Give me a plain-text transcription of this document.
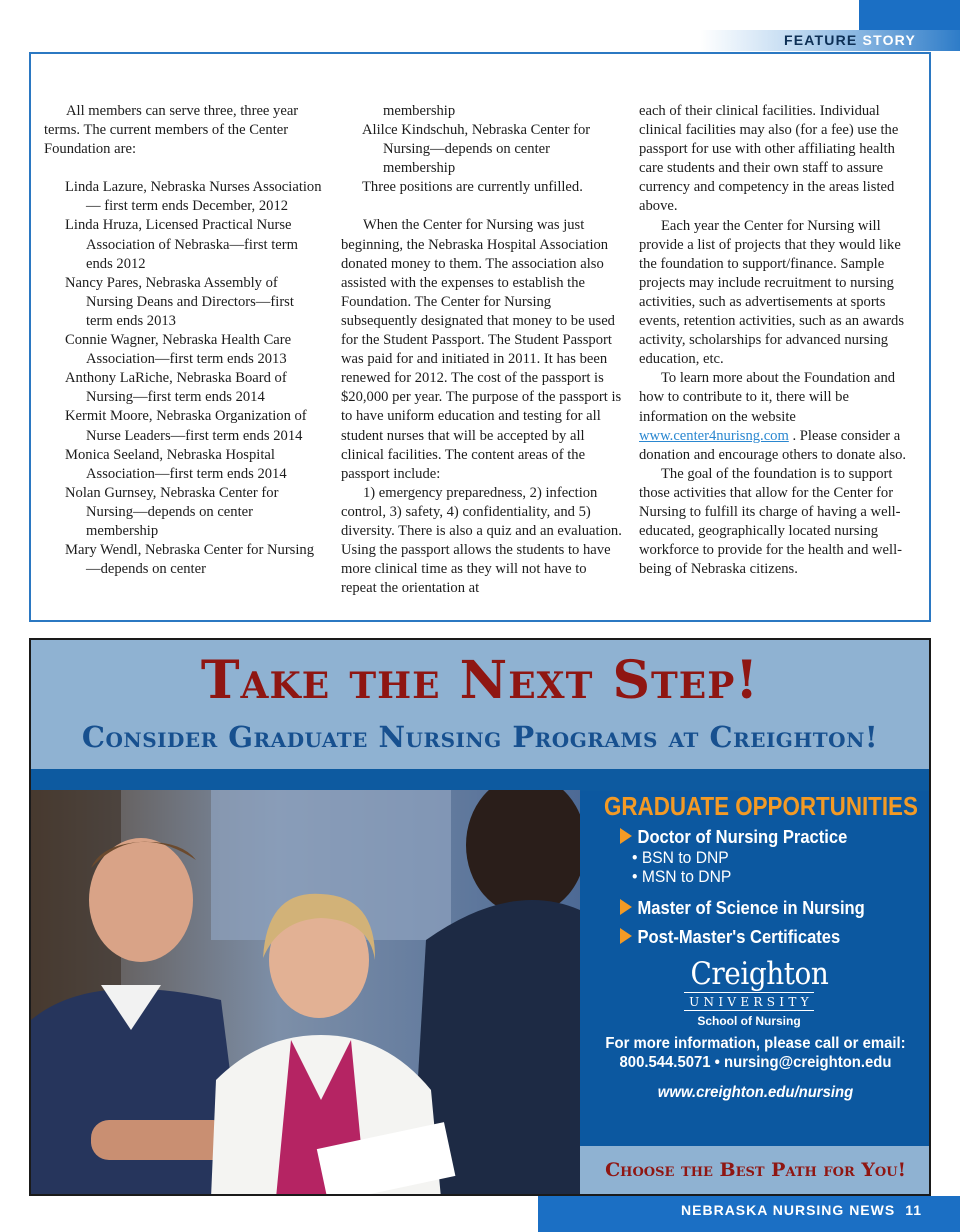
FEATURE STORY

All members can serve three, three year terms. The current members of the Center Foundation are:

Linda Lazure, Nebraska Nurses Association— first term ends December, 2012

Linda Hruza, Licensed Practical Nurse Association of Nebraska—first term ends 2012

Nancy Pares, Nebraska Assembly of Nursing Deans and Directors—first term ends 2013

Connie Wagner, Nebraska Health Care Association—first term ends 2013

Anthony LaRiche, Nebraska Board of Nursing—first term ends 2014

Kermit Moore, Nebraska Organization of Nurse Leaders—first term ends 2014

Monica Seeland, Nebraska Hospital Association—first term ends 2014

Nolan Gurnsey, Nebraska Center for Nursing—depends on center membership

Mary Wendl, Nebraska Center for Nursing—depends on center

membership

Alilce Kindschuh, Nebraska Center for Nursing—depends on center membership

Three positions are currently unfilled.

When the Center for Nursing was just beginning, the Nebraska Hospital Association donated money to them. The association also assisted with the expenses to establish the Foundation. The Center for Nursing subsequently designated that money to be used for the Student Passport. The Student Passport was paid for and initiated in 2011. It has been renewed for 2012. The cost of the passport is $20,000 per year. The purpose of the passport is to have uniform education and testing for all student nurses that will be accepted by all clinical facilities. The content areas of the passport include:

1) emergency preparedness, 2) infection control, 3) safety, 4) confidentiality, and 5) diversity. There is also a quiz and an evaluation. Using the passport allows the students to have more clinical time as they will not have to repeat the orientation at

each of their clinical facilities. Individual clinical facilities may also (for a fee) use the passport for use with other affiliating health care students and their own staff to assure currency and competency in the areas listed above.

Each year the Center for Nursing will provide a list of projects that they would like the foundation to support/finance. Sample projects may include recruitment to nursing activities, such as advertisements at sports events, retention activities, such as an awards activity, scholarships for advanced nursing education, etc.

To learn more about the Foundation and how to contribute to it, there will be information on the website www.center4nurisng.com . Please consider a donation and encourage others to donate also.

The goal of the foundation is to support those activities that allow for the Center for Nursing to fulfill its charge of having a well-educated, geographically located nursing workforce to provide for the health and well-being of Nebraska citizens.

Take the Next Step!
Consider Graduate Nursing Programs at Creighton!
GRADUATE OPPORTUNITIES
Doctor of Nursing Practice
• BSN to DNP
• MSN to DNP
Master of Science in Nursing
Post-Master's Certificates
Creighton
UNIVERSITY
School of Nursing
For more information, please call or email:
800.544.5071 • nursing@creighton.edu
www.creighton.edu/nursing
Choose the Best Path for You!
NEBRASKA NURSING NEWS 11
